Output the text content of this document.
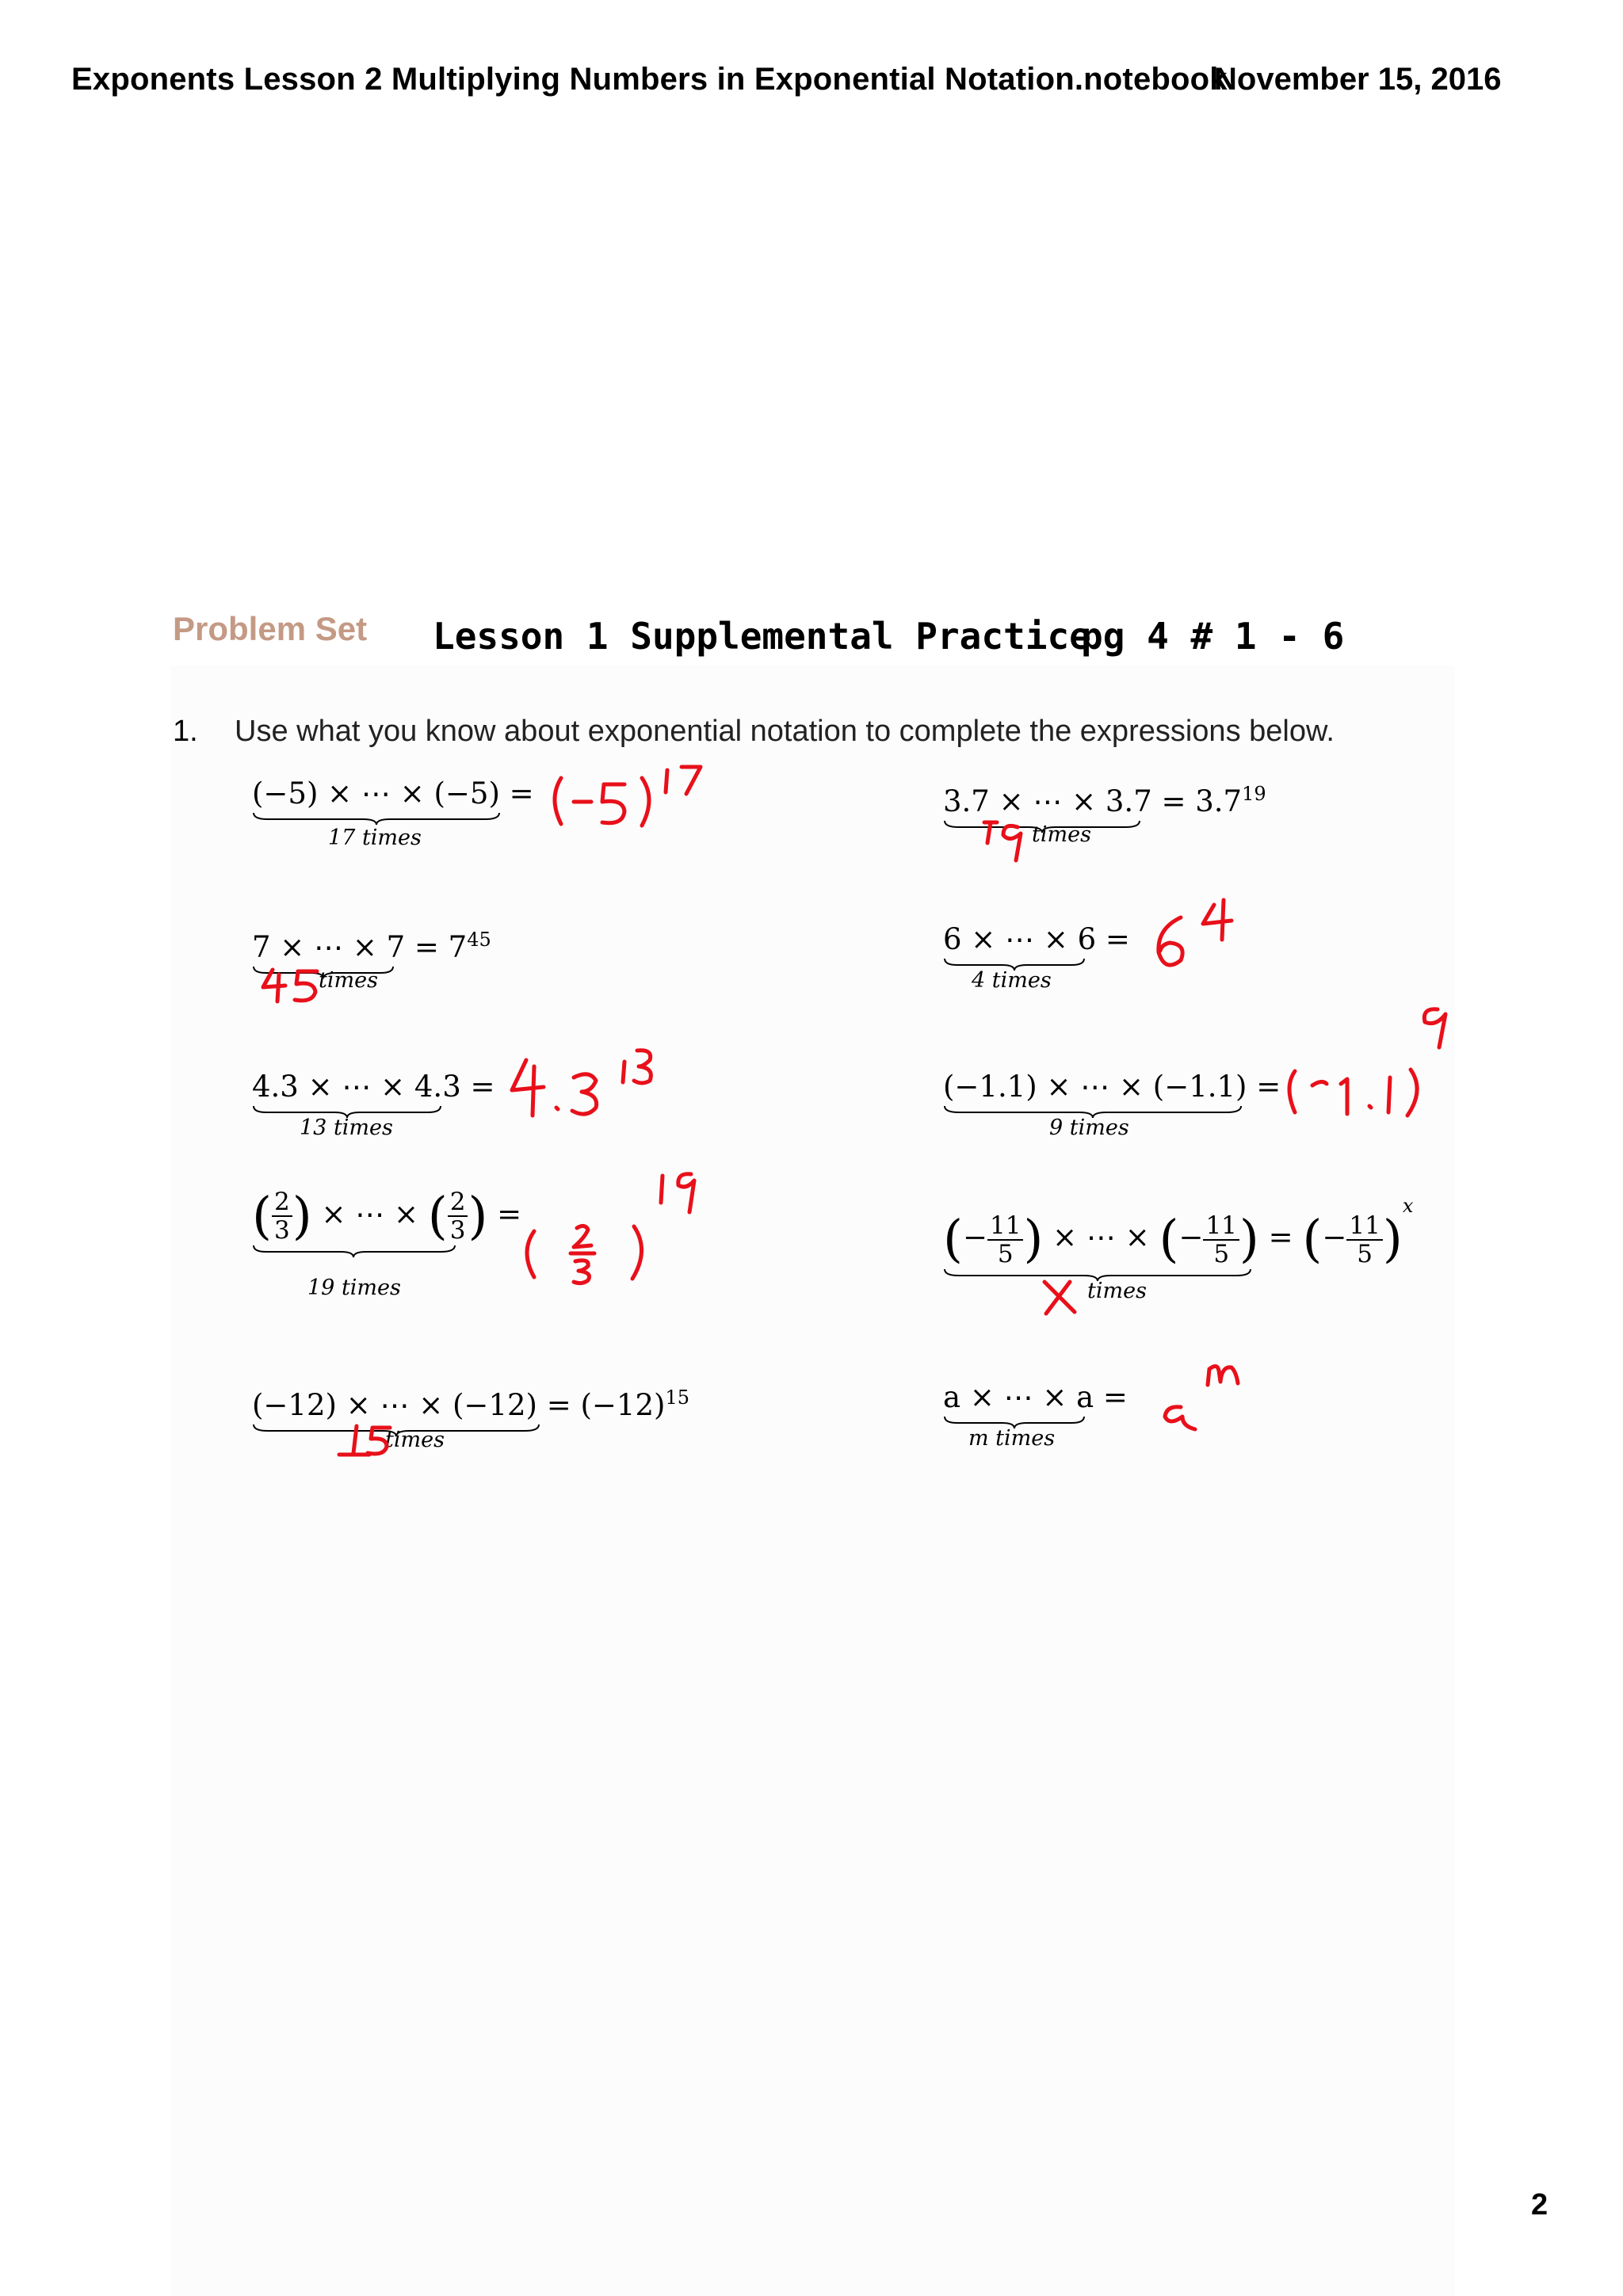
Exponents Lesson 2 Multiplying Numbers in Exponential Notation.notebook
November 15, 2016
Problem Set Lesson 1 Supplemental Practice
pg 4 # 1 - 6
1. Use what you know about exponential notation to complete the expressions below.
(−5) × ⋯ × (−5) =
17 times
3.7 × ⋯ × $3.7 = 3.7^{19}$
times
7 × ⋯ × $7 = 7^{45}$
times
6 × ⋯ × 6 =
4 times
4.3 × ⋯ × 4.3 =
13 times
(−1.1) × ⋯ × (−1.1) =
9 times
( $\frac{2}{3}$ ) × ⋯ × ( $\frac{2}{3}$ ) =
19 times
(− $\frac{11}{5}$ ) × ⋯ × (− $\frac{11}{5}$ ) = (− $\frac{11}{5} )^x$
times
(−12) × ⋯ × $(-12) = (-12)^{15}$
times
a × ⋯ × a =
m times
2
